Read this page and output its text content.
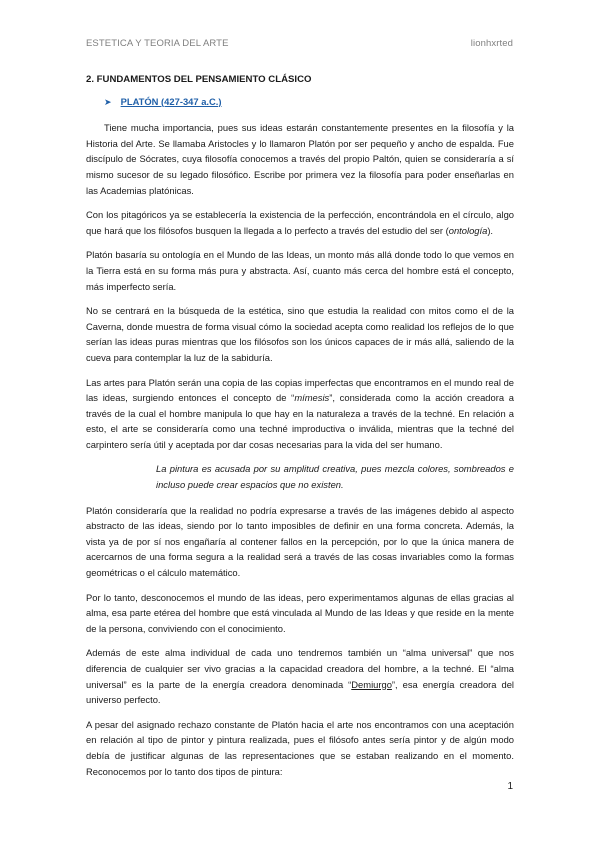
ESTETICA Y TEORIA DEL ARTE	lionhxrted
2. FUNDAMENTOS DEL PENSAMIENTO CLÁSICO
➤ PLATÓN (427-347 a.C.)

Tiene mucha importancia, pues sus ideas estarán constantemente presentes en la filosofía y la Historia del Arte. Se llamaba Aristocles y lo llamaron Platón por ser pequeño y ancho de espalda. Fue discípulo de Sócrates, cuya filosofía conocemos a través del propio Paltón, quien se consideraría a sí mismo sucesor de su legado filosófico. Escribe por primera vez la filosofía para poder enseñarlas en las Academias platónicas.

Con los pitagóricos ya se establecería la existencia de la perfección, encontrándola en el círculo, algo que hará que los filósofos busquen la llegada a lo perfecto a través del estudio del ser (ontología).

Platón basaría su ontología en el Mundo de las Ideas, un monto más allá donde todo lo que vemos en la Tierra está en su forma más pura y abstracta. Así, cuanto más cerca del hombre está el concepto, más imperfecto sería.

No se centrará en la búsqueda de la estética, sino que estudia la realidad con mitos como el de la Caverna, donde muestra de forma visual cómo la sociedad acepta como realidad los reflejos de lo que serían las ideas puras mientras que los filósofos son los únicos capaces de ir más allá, saliendo de la cueva para contemplar la luz de la sabiduría.

Las artes para Platón serán una copia de las copias imperfectas que encontramos en el mundo real de las ideas, surgiendo entonces el concepto de “mímesis”, considerada como la acción creadora a través de la cual el hombre manipula lo que hay en la naturaleza a través de la techné. En relación a esto, el arte se consideraría como una techné improductiva o inválida, mientras que la techné del carpintero sería útil y aceptada por dar cosas necesarias para la vida del ser humano.

La pintura es acusada por su amplitud creativa, pues mezcla colores, sombreados e incluso puede crear espacios que no existen.

Platón consideraría que la realidad no podría expresarse a través de las imágenes debido al aspecto abstracto de las ideas, siendo por lo tanto imposibles de definir en una forma concreta. Además, la vista ya de por sí nos engañaría al contener fallos en la percepción, por lo que la única manera de acercarnos de una forma segura a la realidad será a través de las cosas invariables como la formas geométricas o el cálculo matemático.

Por lo tanto, desconocemos el mundo de las ideas, pero experimentamos algunas de ellas gracias al alma, esa parte etérea del hombre que está vinculada al Mundo de las Ideas y que reside en la mente de la persona, conviviendo con el conocimiento.

Además de este alma individual de cada uno tendremos también un “alma universal” que nos diferencia de cualquier ser vivo gracias a la capacidad creadora del hombre, a la techné. El “alma universal” es la parte de la energía creadora denominada “Demiurgo”, esa energía creadora del universo perfecto.

A pesar del asignado rechazo constante de Platón hacia el arte nos encontramos con una aceptación en relación al tipo de pintor y pintura realizada, pues el filósofo antes sería pintor y de algún modo debía de justificar algunas de las representaciones que se estaban realizando en el momento. Reconocemos por lo tanto dos tipos de pintura:

1
